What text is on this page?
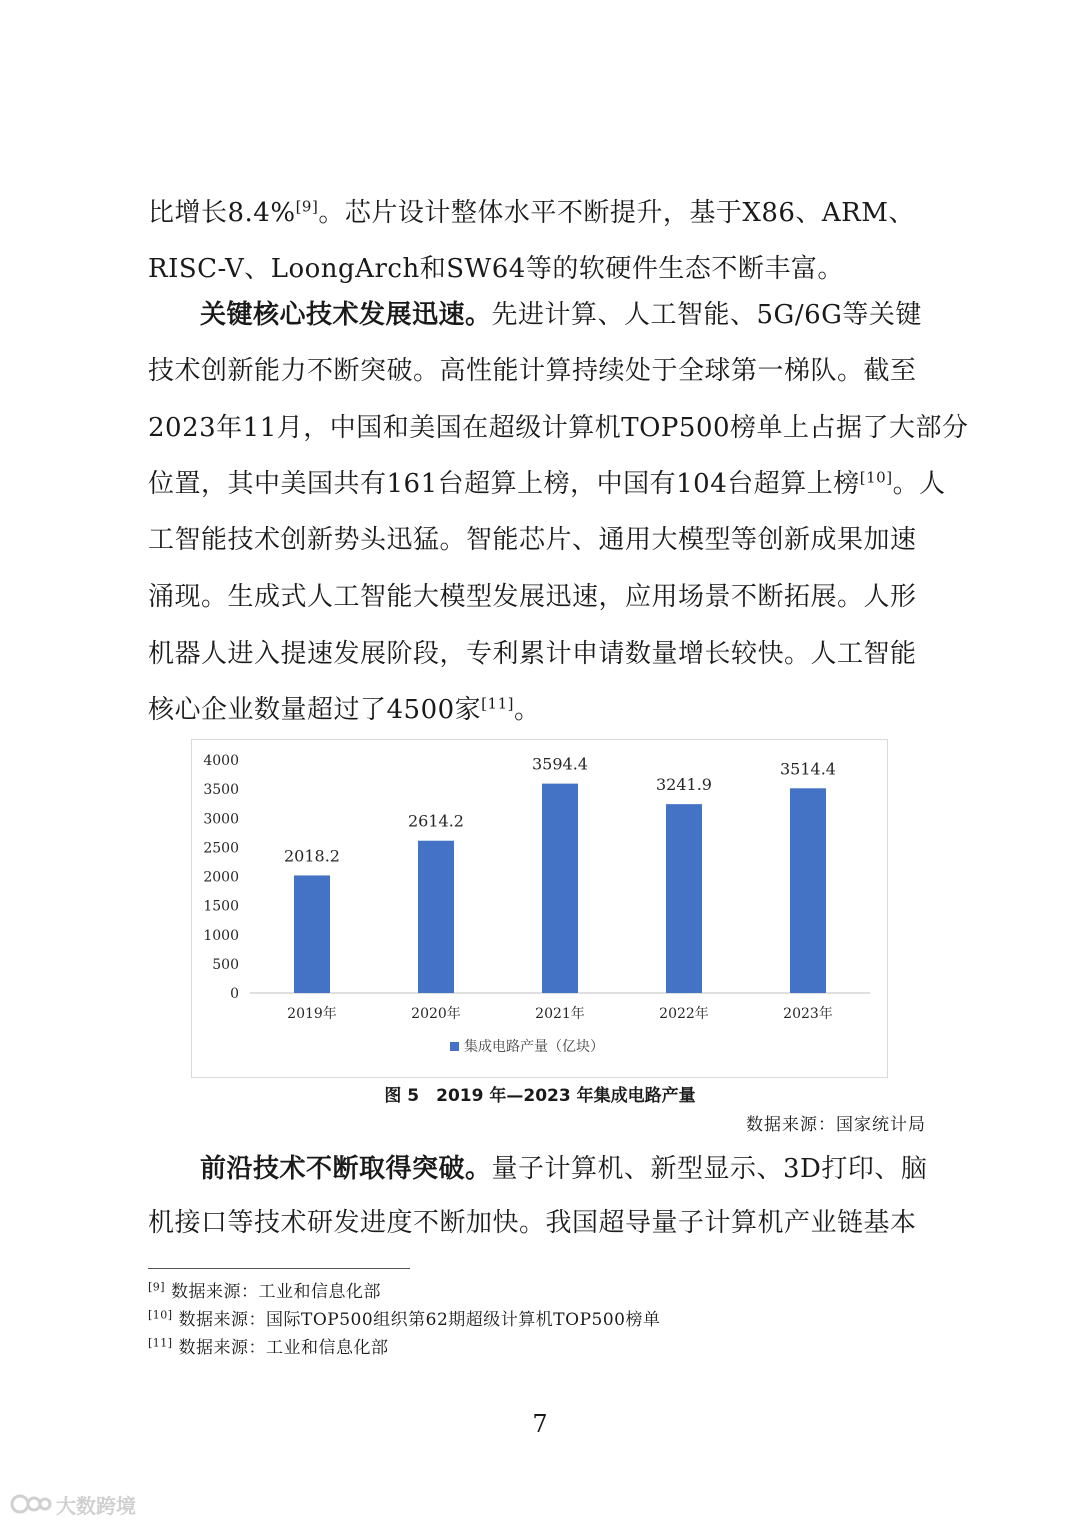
比增长8.4%[9]。芯片设计整体水平不断提升，基于X86、ARM、
RISC-V、LoongArch和SW64等的软硬件生态不断丰富。
关键核心技术发展迅速。先进计算、人工智能、5G/6G等关键
技术创新能力不断突破。高性能计算持续处于全球第一梯队。截至
2023年11月，中国和美国在超级计算机TOP500榜单上占据了大部分
位置，其中美国共有161台超算上榜，中国有104台超算上榜[10]。人
工智能技术创新势头迅猛。智能芯片、通用大模型等创新成果加速
涌现。生成式人工智能大模型发展迅速，应用场景不断拓展。人形
机器人进入提速发展阶段，专利累计申请数量增长较快。人工智能
核心企业数量超过了4500家[11]。
0
500
1000
1500
2000
2500
3000
3500
4000
2018.2
2019年
2614.2
2020年
3594.4
2021年
3241.9
2022年
3514.4
2023年
集成电路产量（亿块）
图 5　2019 年—2023 年集成电路产量
数据来源：国家统计局
前沿技术不断取得突破。量子计算机、新型显示、3D打印、脑
机接口等技术研发进度不断加快。我国超导量子计算机产业链基本
[9] 数据来源：工业和信息化部
[10] 数据来源：国际TOP500组织第62期超级计算机TOP500榜单
[11] 数据来源：工业和信息化部
7
大数跨境
